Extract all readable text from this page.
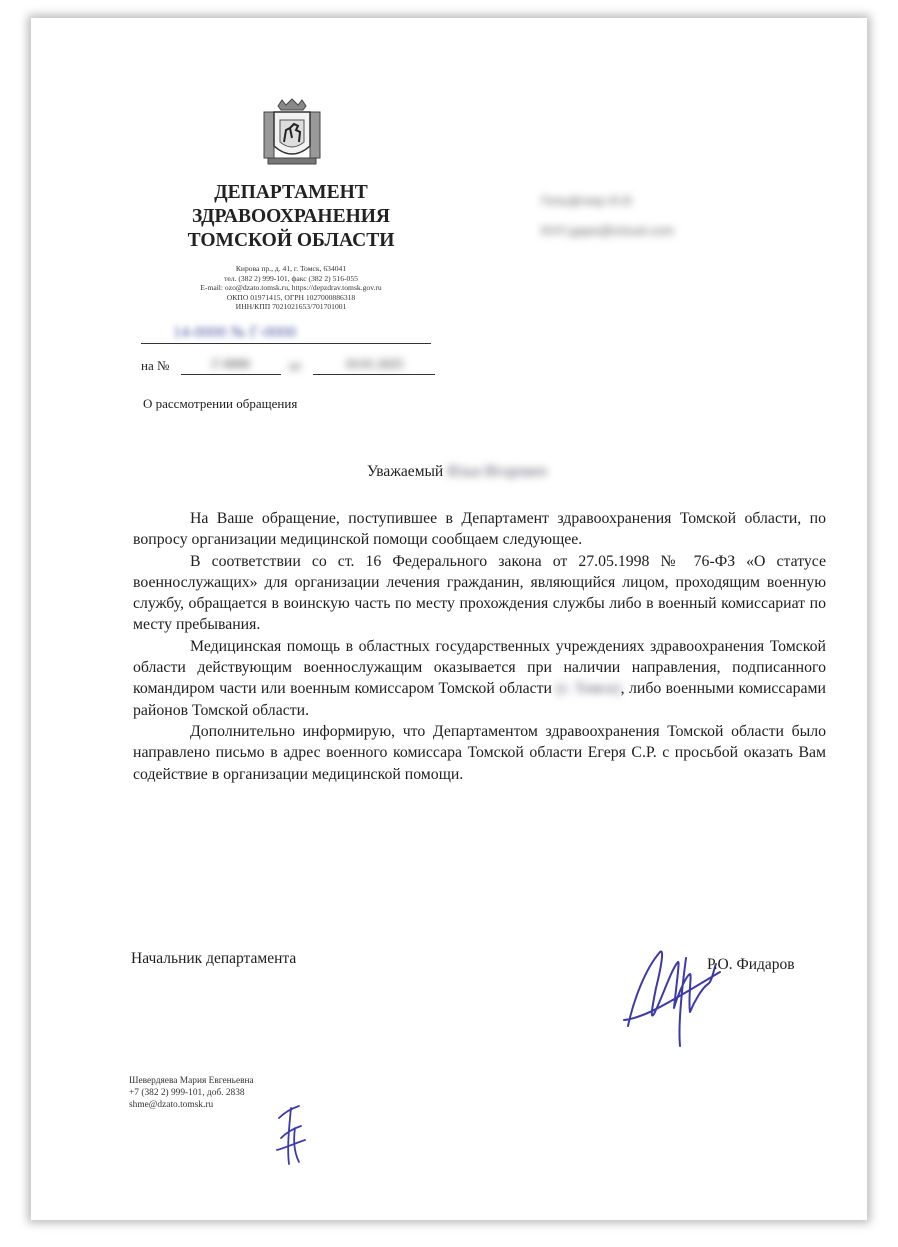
ДЕПАРТАМЕНТ
ЗДРАВООХРАНЕНИЯ
ТОМСКОЙ ОБЛАСТИ
Кирова пр., д. 41, г. Томск, 634041
тел. (382 2) 999-101, факс (382 2) 516-055
E-mail: ozo@dzato.tomsk.ru, https://depzdrav.tomsk.gov.ru
ОКПО 01971415, ОГРН 1027000886318
ИНН/КПП 7021021653/701701001
Гельфгоер И.И.
KHY.gape@icloud.com
14-0000 № Г-0000
на №	Г-0000	от	10.01.2025
О рассмотрении обращения
Уважаемый Илья Игоревич

На Ваше обращение, поступившее в Департамент здравоохранения Томской области, по вопросу организации медицинской помощи сообщаем следующее.

В соответствии со ст. 16 Федерального закона от 27.05.1998 № 76-ФЗ «О статусе военнослужащих» для организации лечения гражданин, являющийся лицом, проходящим военную службу, обращается в воинскую часть по месту прохождения службы либо в военный комиссариат по месту пребывания.

Медицинская помощь в областных государственных учреждениях здравоохранения Томской области действующим военнослужащим оказывается при наличии направления, подписанного командиром части или военным комиссаром Томской области (г. Томск), либо военными комиссарами районов Томской области.

Дополнительно информирую, что Департаментом здравоохранения Томской области было направлено письмо в адрес военного комиссара Томской области Егеря С.Р. с просьбой оказать Вам содействие в организации медицинской помощи.

Начальник департамента	Р.О. Фидаров
Шевердяева Мария Евгеньевна
+7 (382 2) 999-101, доб. 2838
shme@dzato.tomsk.ru
